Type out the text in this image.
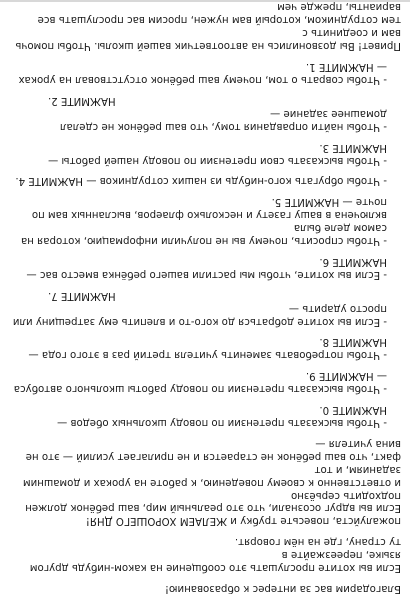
Благодарим вас за интерес к образованию!

Если вы хотите прослушать это сообщение на каком-нибудь другом языке, переезжайте в
ту страну, где на нём говорят.

пожалуйста, повесьте трубку и ЖЕЛАЕМ ХОРОШЕГО ДНЯ!

Если вы вдруг осознали, что это реальный мир, ваш ребёнок должен подходить серьёзно
и ответственно к своему поведению, к работе на уроках и домашним заданиям, и тот
факт, что ваш ребёнок не старается и не прилагает усилий — это не вина учителя —

- Чтобы высказать претензии по поводу школьных обедов — НАЖМИТЕ 0.

- Чтобы высказать претензии по поводу работы школьного автобуса — НАЖМИТЕ 9.

- Чтобы потребовать заменить учителя третий раз в этого года — НАЖМИТЕ 8.

- Если вы хотите добраться до кого-то и влепить ему затрещину или просто ударить —

НАЖМИТЕ 7.

- Если вы хотите, чтобы мы растили вашего ребёнка вместо вас — НАЖМИТЕ 6.

- Чтобы спросить, почему вы не получили информацию, которая на самом деле была
включена в вашу газету и несколько флаеров, высланных вам по почте — НАЖМИТЕ 5.

- Чтобы обругать кого-нибудь из наших сотрудников — НАЖМИТЕ 4.

- Чтобы высказать свои претензии по поводу нашей работы — НАЖМИТЕ 3.

- Чтобы найти оправдания тому, что ваш ребёнок не сделал домашнее задание —

НАЖМИТЕ 2.

- Чтобы соврать о том, почему ваш ребёнок отсутствовал на уроках — НАЖМИТЕ 1.

Привет! Вы дозвонились на автоответчик вашей школы. Чтобы помочь вам и соединить с
тем сотрудником, который вам нужен, просим вас прослушать все варианты, прежде чем
